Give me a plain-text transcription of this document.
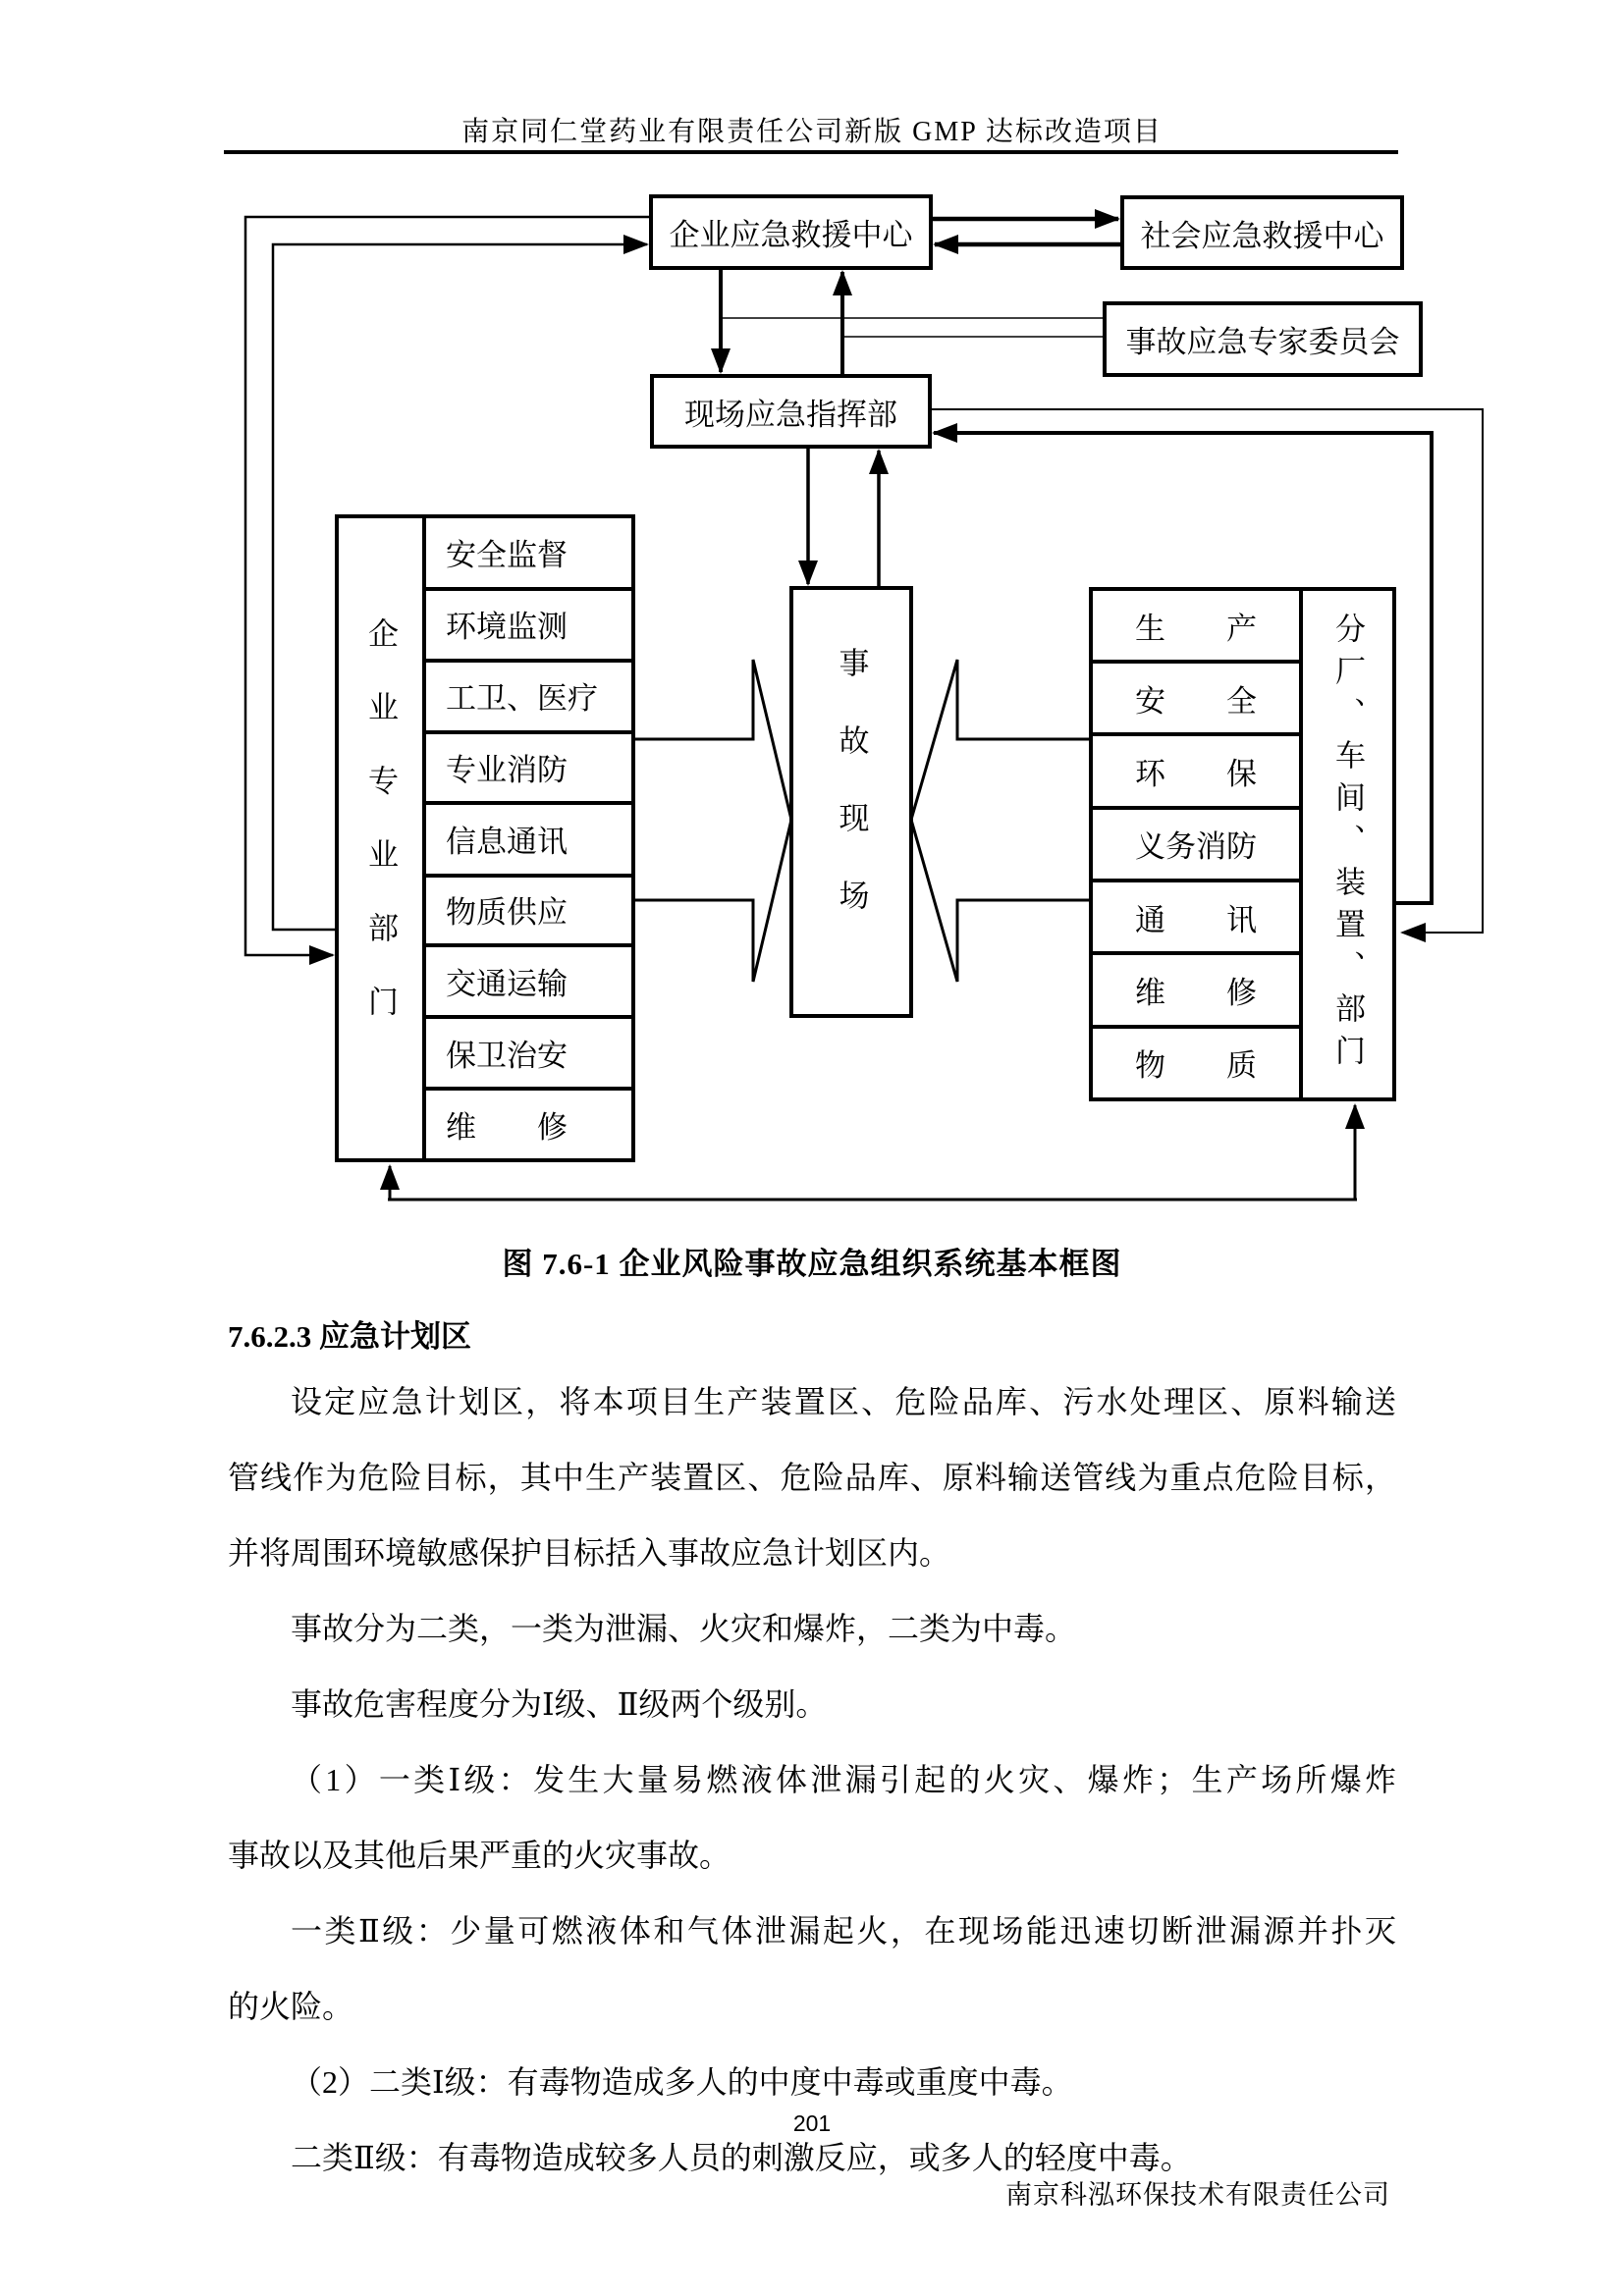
南京同仁堂药业有限责任公司新版 GMP 达标改造项目
企业应急救援中心	社会应急救援中心
事故应急专家委员会
现场应急指挥部
企业专业部门
安全监督
环境监测
工卫、医疗
专业消防
信息通讯
物质供应
交通运输
保卫治安
维　　修
事故现场
生　　产
安　　全
环　　保
义务消防
通　　讯
维　　修
物　　质	分厂、车间、装置、部门
图 7.6-1 企业风险事故应急组织系统基本框图
7.6.2.3 应急计划区
设定应急计划区，将本项目生产装置区、危险品库、污水处理区、原料输送
管线作为危险目标，其中生产装置区、危险品库、原料输送管线为重点危险目标，
并将周围环境敏感保护目标括入事故应急计划区内。
事故分为二类，一类为泄漏、火灾和爆炸，二类为中毒。
事故危害程度分为Ⅰ级、Ⅱ级两个级别。
（1）一类Ⅰ级：发生大量易燃液体泄漏引起的火灾、爆炸；生产场所爆炸
事故以及其他后果严重的火灾事故。
一类Ⅱ级：少量可燃液体和气体泄漏起火，在现场能迅速切断泄漏源并扑灭
的火险。
（2）二类Ⅰ级：有毒物造成多人的中度中毒或重度中毒。
二类Ⅱ级：有毒物造成较多人员的刺激反应，或多人的轻度中毒。
201
南京科泓环保技术有限责任公司
